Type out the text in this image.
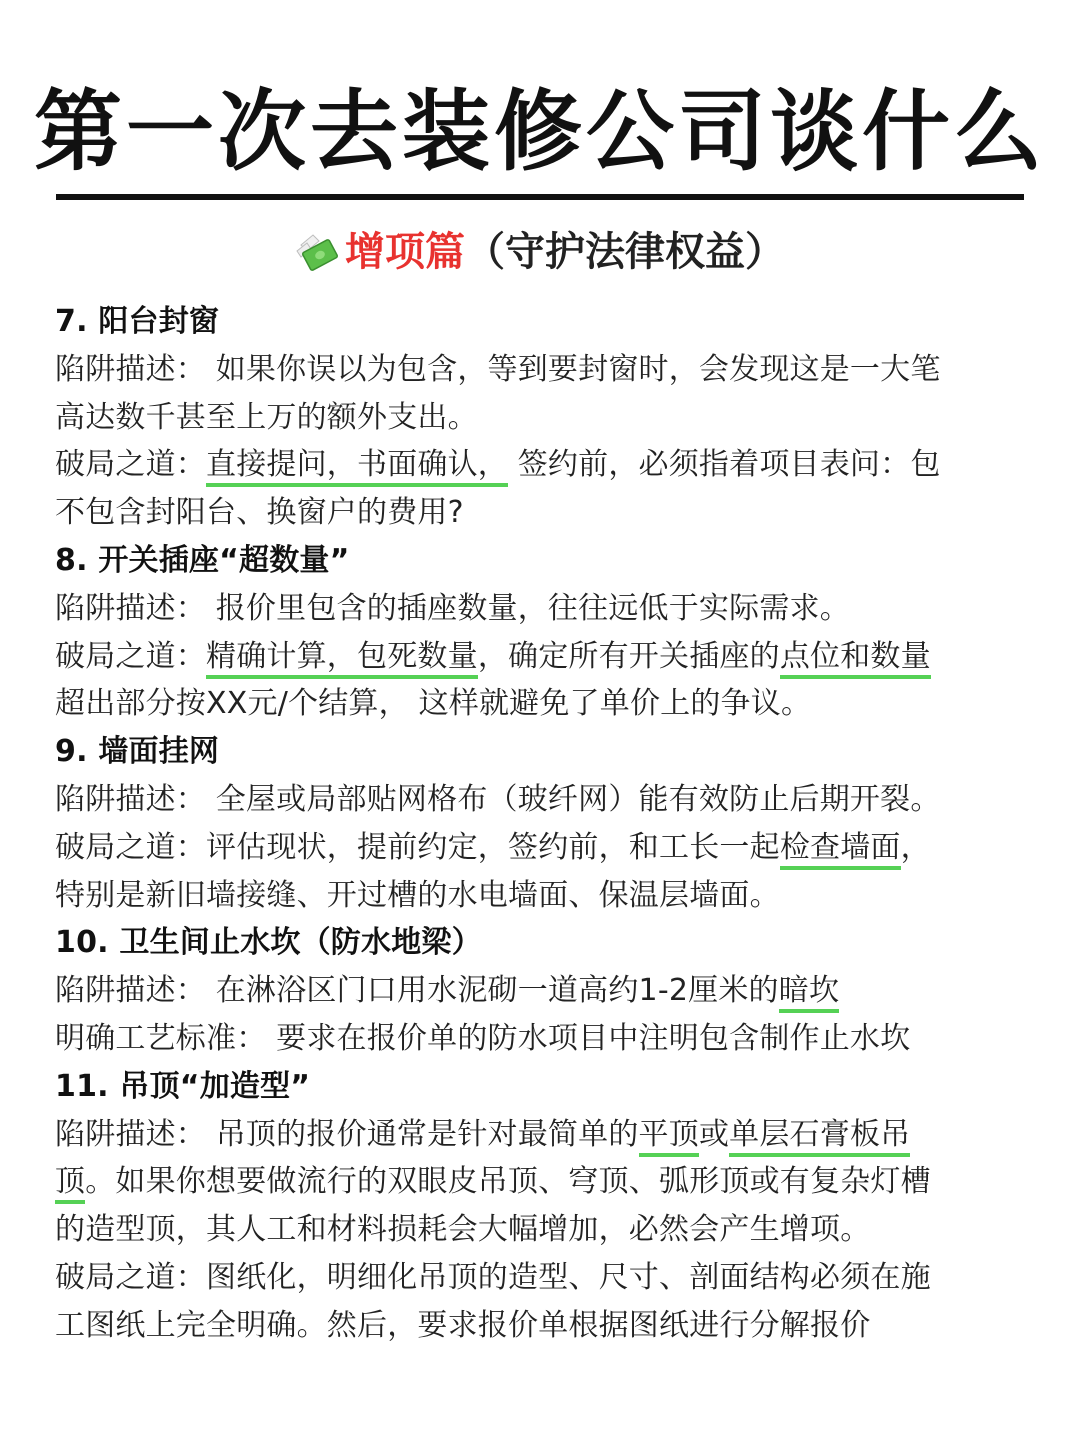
第一次去装修公司谈什么
增项篇（守护法律权益）
7. 阳台封窗
陷阱描述： 如果你误以为包含，等到要封窗时，会发现这是一大笔
高达数千甚至上万的额外支出。
破局之道：直接提问，书面确认， 签约前，必须指着项目表问：包
不包含封阳台、换窗户的费用?
8. 开关插座“超数量”
陷阱描述： 报价里包含的插座数量，往往远低于实际需求。
破局之道：精确计算，包死数量，确定所有开关插座的点位和数量
超出部分按XX元/个结算， 这样就避免了单价上的争议。
9. 墙面挂网
陷阱描述： 全屋或局部贴网格布（玻纤网）能有效防止后期开裂。
破局之道：评估现状，提前约定，签约前，和工长一起检查墙面，
特别是新旧墙接缝、开过槽的水电墙面、保温层墙面。
10. 卫生间止水坎（防水地梁）
陷阱描述： 在淋浴区门口用水泥砌一道高约1-2厘米的暗坎
明确工艺标准： 要求在报价单的防水项目中注明包含制作止水坎
11. 吊顶“加造型”
陷阱描述： 吊顶的报价通常是针对最简单的平顶或单层石膏板吊
顶。如果你想要做流行的双眼皮吊顶、穹顶、弧形顶或有复杂灯槽
的造型顶，其人工和材料损耗会大幅增加，必然会产生增项。
破局之道：图纸化，明细化吊顶的造型、尺寸、剖面结构必须在施
工图纸上完全明确。然后，要求报价单根据图纸进行分解报价
